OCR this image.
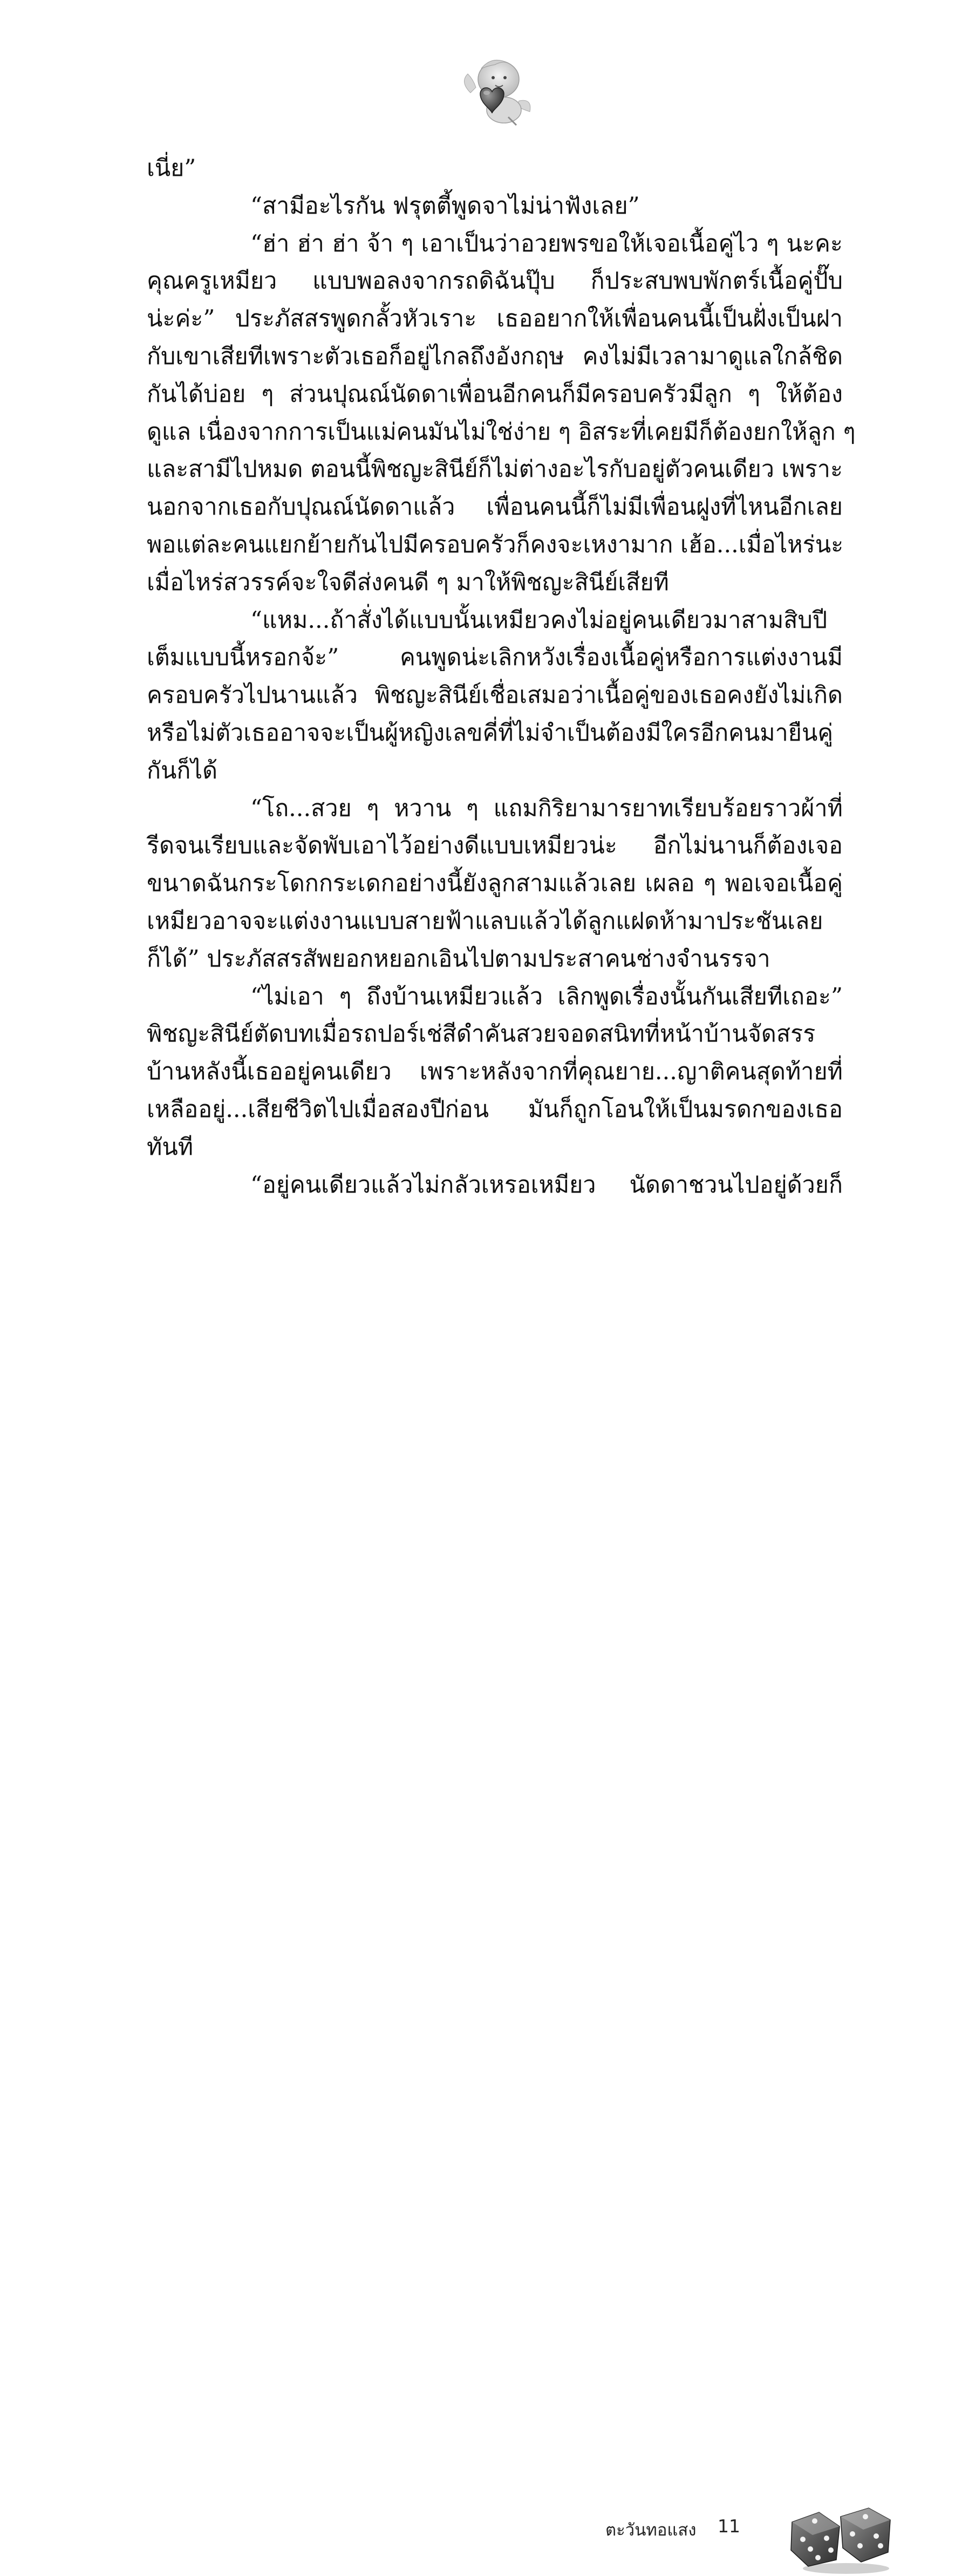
เนี่ย”
“สามีอะไรกัน ฟรุตตี้พูดจาไม่น่าฟังเลย”
“ฮ่า ฮ่า ฮ่า จ้า ๆ เอาเป็นว่าอวยพรขอให้เจอเนื้อคู่ไว ๆ นะคะ
คุณครูเหมียว แบบพอลงจากรถดิฉันปุ๊บ ก็ประสบพบพักตร์เนื้อคู่ปั๊บ
น่ะค่ะ” ประภัสสรพูดกลั้วหัวเราะ เธออยากให้เพื่อนคนนี้เป็นฝั่งเป็นฝา
กับเขาเสียทีเพราะตัวเธอก็อยู่ไกลถึงอังกฤษ คงไม่มีเวลามาดูแลใกล้ชิด
กันได้บ่อย ๆ ส่วนปุณณ์นัดดาเพื่อนอีกคนก็มีครอบครัวมีลูก ๆ ให้ต้อง
ดูแล เนื่องจากการเป็นแม่คนมันไม่ใช่ง่าย ๆ อิสระที่เคยมีก็ต้องยกให้ลูก ๆ
และสามีไปหมด ตอนนี้พิชญะสินีย์ก็ไม่ต่างอะไรกับอยู่ตัวคนเดียว เพราะ
นอกจากเธอกับปุณณ์นัดดาแล้ว เพื่อนคนนี้ก็ไม่มีเพื่อนฝูงที่ไหนอีกเลย
พอแต่ละคนแยกย้ายกันไปมีครอบครัวก็คงจะเหงามาก เฮ้อ...เมื่อไหร่นะ
เมื่อไหร่สวรรค์จะใจดีส่งคนดี ๆ มาให้พิชญะสินีย์เสียที
“แหม...ถ้าสั่งได้แบบนั้นเหมียวคงไม่อยู่คนเดียวมาสามสิบปี
เต็มแบบนี้หรอกจ้ะ” คนพูดน่ะเลิกหวังเรื่องเนื้อคู่หรือการแต่งงานมี
ครอบครัวไปนานแล้ว พิชญะสินีย์เชื่อเสมอว่าเนื้อคู่ของเธอคงยังไม่เกิด
หรือไม่ตัวเธออาจจะเป็นผู้หญิงเลขคี่ที่ไม่จำเป็นต้องมีใครอีกคนมายืนคู่
กันก็ได้
“โถ...สวย ๆ หวาน ๆ แถมกิริยามารยาทเรียบร้อยราวผ้าที่
รีดจนเรียบและจัดพับเอาไว้อย่างดีแบบเหมียวน่ะ อีกไม่นานก็ต้องเจอ
ขนาดฉันกระโดกกระเดกอย่างนี้ยังลูกสามแล้วเลย เผลอ ๆ พอเจอเนื้อคู่
เหมียวอาจจะแต่งงานแบบสายฟ้าแลบแล้วได้ลูกแฝดห้ามาประชันเลย
ก็ได้” ประภัสสรสัพยอกหยอกเอินไปตามประสาคนช่างจำนรรจา
“ไม่เอา ๆ ถึงบ้านเหมียวแล้ว เลิกพูดเรื่องนั้นกันเสียทีเถอะ”
พิชญะสินีย์ตัดบทเมื่อรถปอร์เช่สีดำคันสวยจอดสนิทที่หน้าบ้านจัดสรร
บ้านหลังนี้เธออยู่คนเดียว เพราะหลังจากที่คุณยาย...ญาติคนสุดท้ายที่
เหลืออยู่...เสียชีวิตไปเมื่อสองปีก่อน มันก็ถูกโอนให้เป็นมรดกของเธอ
ทันที
“อยู่คนเดียวแล้วไม่กลัวเหรอเหมียว นัดดาชวนไปอยู่ด้วยก็
ตะวันทอแสง 11
